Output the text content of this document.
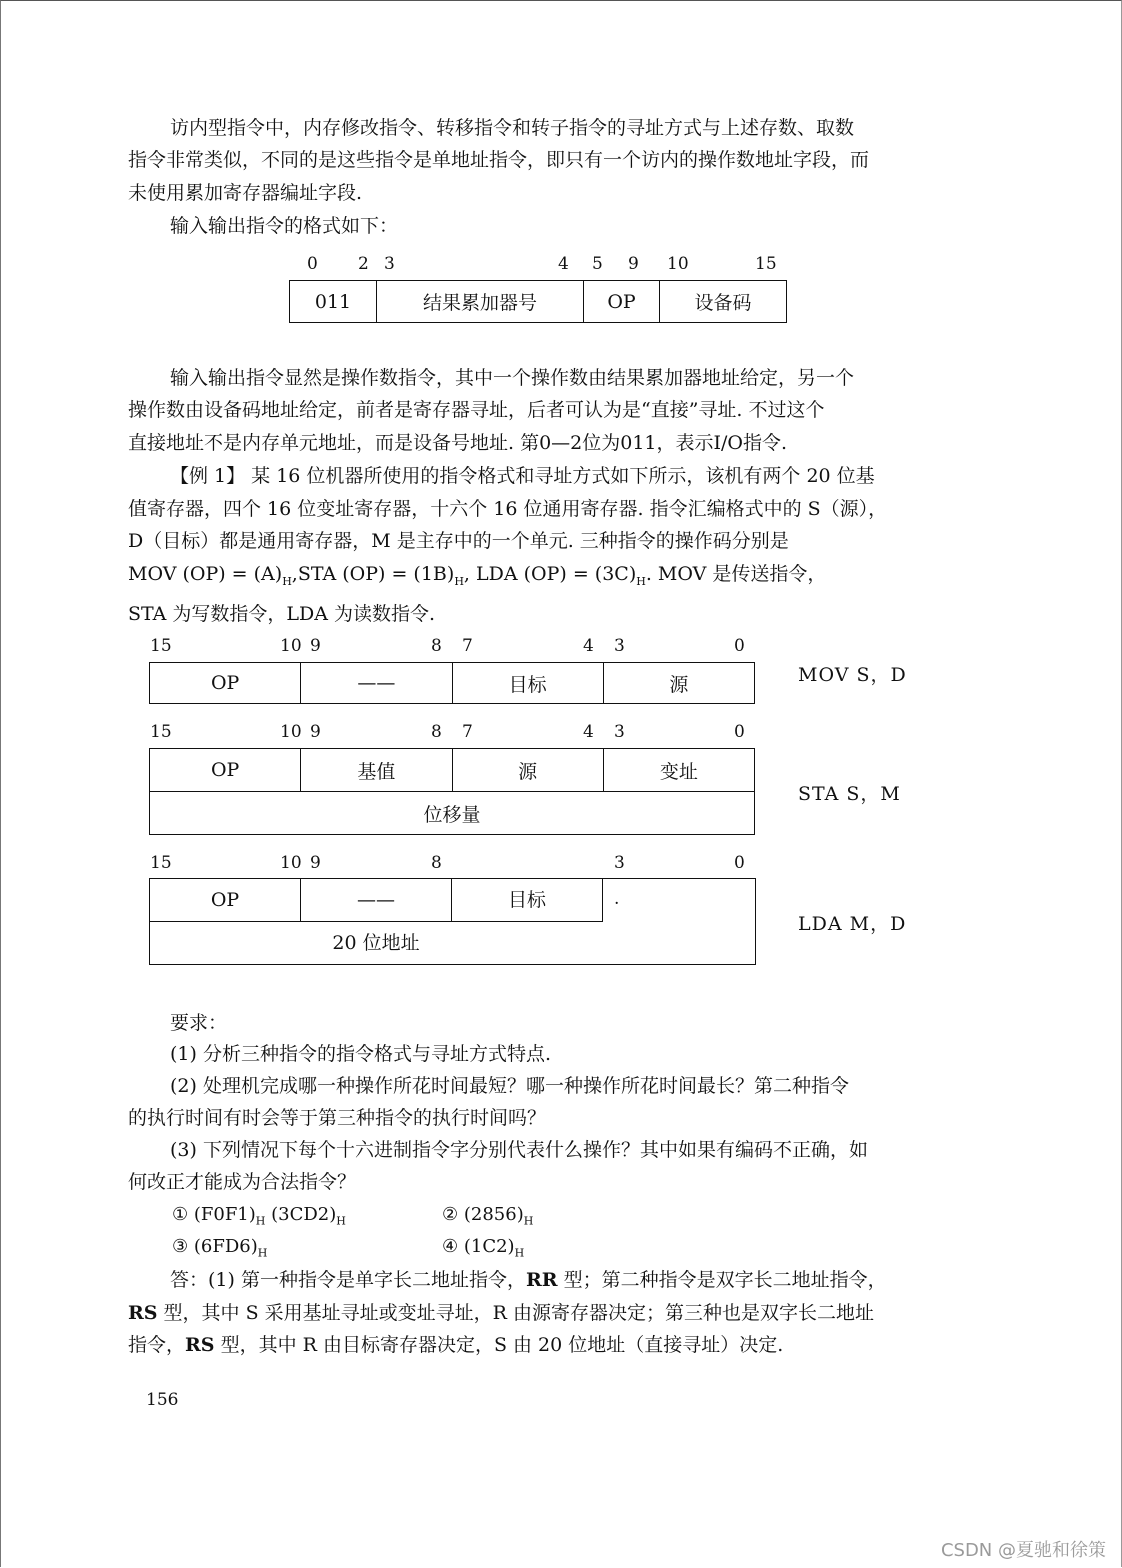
访内型指令中，内存修改指令、转移指令和转子指令的寻址方式与上述存数、取数
指令非常类似，不同的是这些指令是单地址指令，即只有一个访内的操作数地址字段，而
未使用累加寄存器编址字段.
输入输出指令的格式如下：
0 2 3	4 5 9 10	15
011	结果累加器号	OP	设备码
输入输出指令显然是操作数指令，其中一个操作数由结果累加器地址给定，另一个
操作数由设备码地址给定，前者是寄存器寻址，后者可认为是“直接”寻址. 不过这个
直接地址不是内存单元地址，而是设备号地址. 第0—2位为011，表示I/O指令.
【例 1】 某 16 位机器所使用的指令格式和寻址方式如下所示，该机有两个 20 位基
值寄存器，四个 16 位变址寄存器，十六个 16 位通用寄存器. 指令汇编格式中的 S（源），
D（目标）都是通用寄存器，M 是主存中的一个单元. 三种指令的操作码分别是
MOV $(OP) = (A)_H,STA$ $(OP) = (1B)_H$, LDA $(OP) = (3C)_H$. MOV 是传送指令，
STA 为写数指令，LDA 为读数指令.
15	10 9	8 7	4 3	0
OP	——	目标	源	MOV S，D
15	10 9	8 7	4 3	0
OP	基值	源	变址
位移量
STA S，M
15	10 9	8	3	0
OP	——	目标	.
20 位地址
LDA M，D
要求：
(1) 分析三种指令的指令格式与寻址方式特点.
(2) 处理机完成哪一种操作所花时间最短？哪一种操作所花时间最长？第二种指令
的执行时间有时会等于第三种指令的执行时间吗？
(3) 下列情况下每个十六进制指令字分别代表什么操作？其中如果有编码不正确，如
何改正才能成为合法指令？
① $(F0F1)_H$ $(3CD2)_H$	② $(2856)_H$
③ $(6FD6)_H$	④ $(1C2)_H$
答：(1) 第一种指令是单字长二地址指令，RR 型；第二种指令是双字长二地址指令，
RS 型，其中 S 采用基址寻址或变址寻址，R 由源寄存器决定；第三种也是双字长二地址
指令，RS 型，其中 R 由目标寄存器决定，S 由 20 位地址（直接寻址）决定.
156
CSDN @夏驰和徐策
